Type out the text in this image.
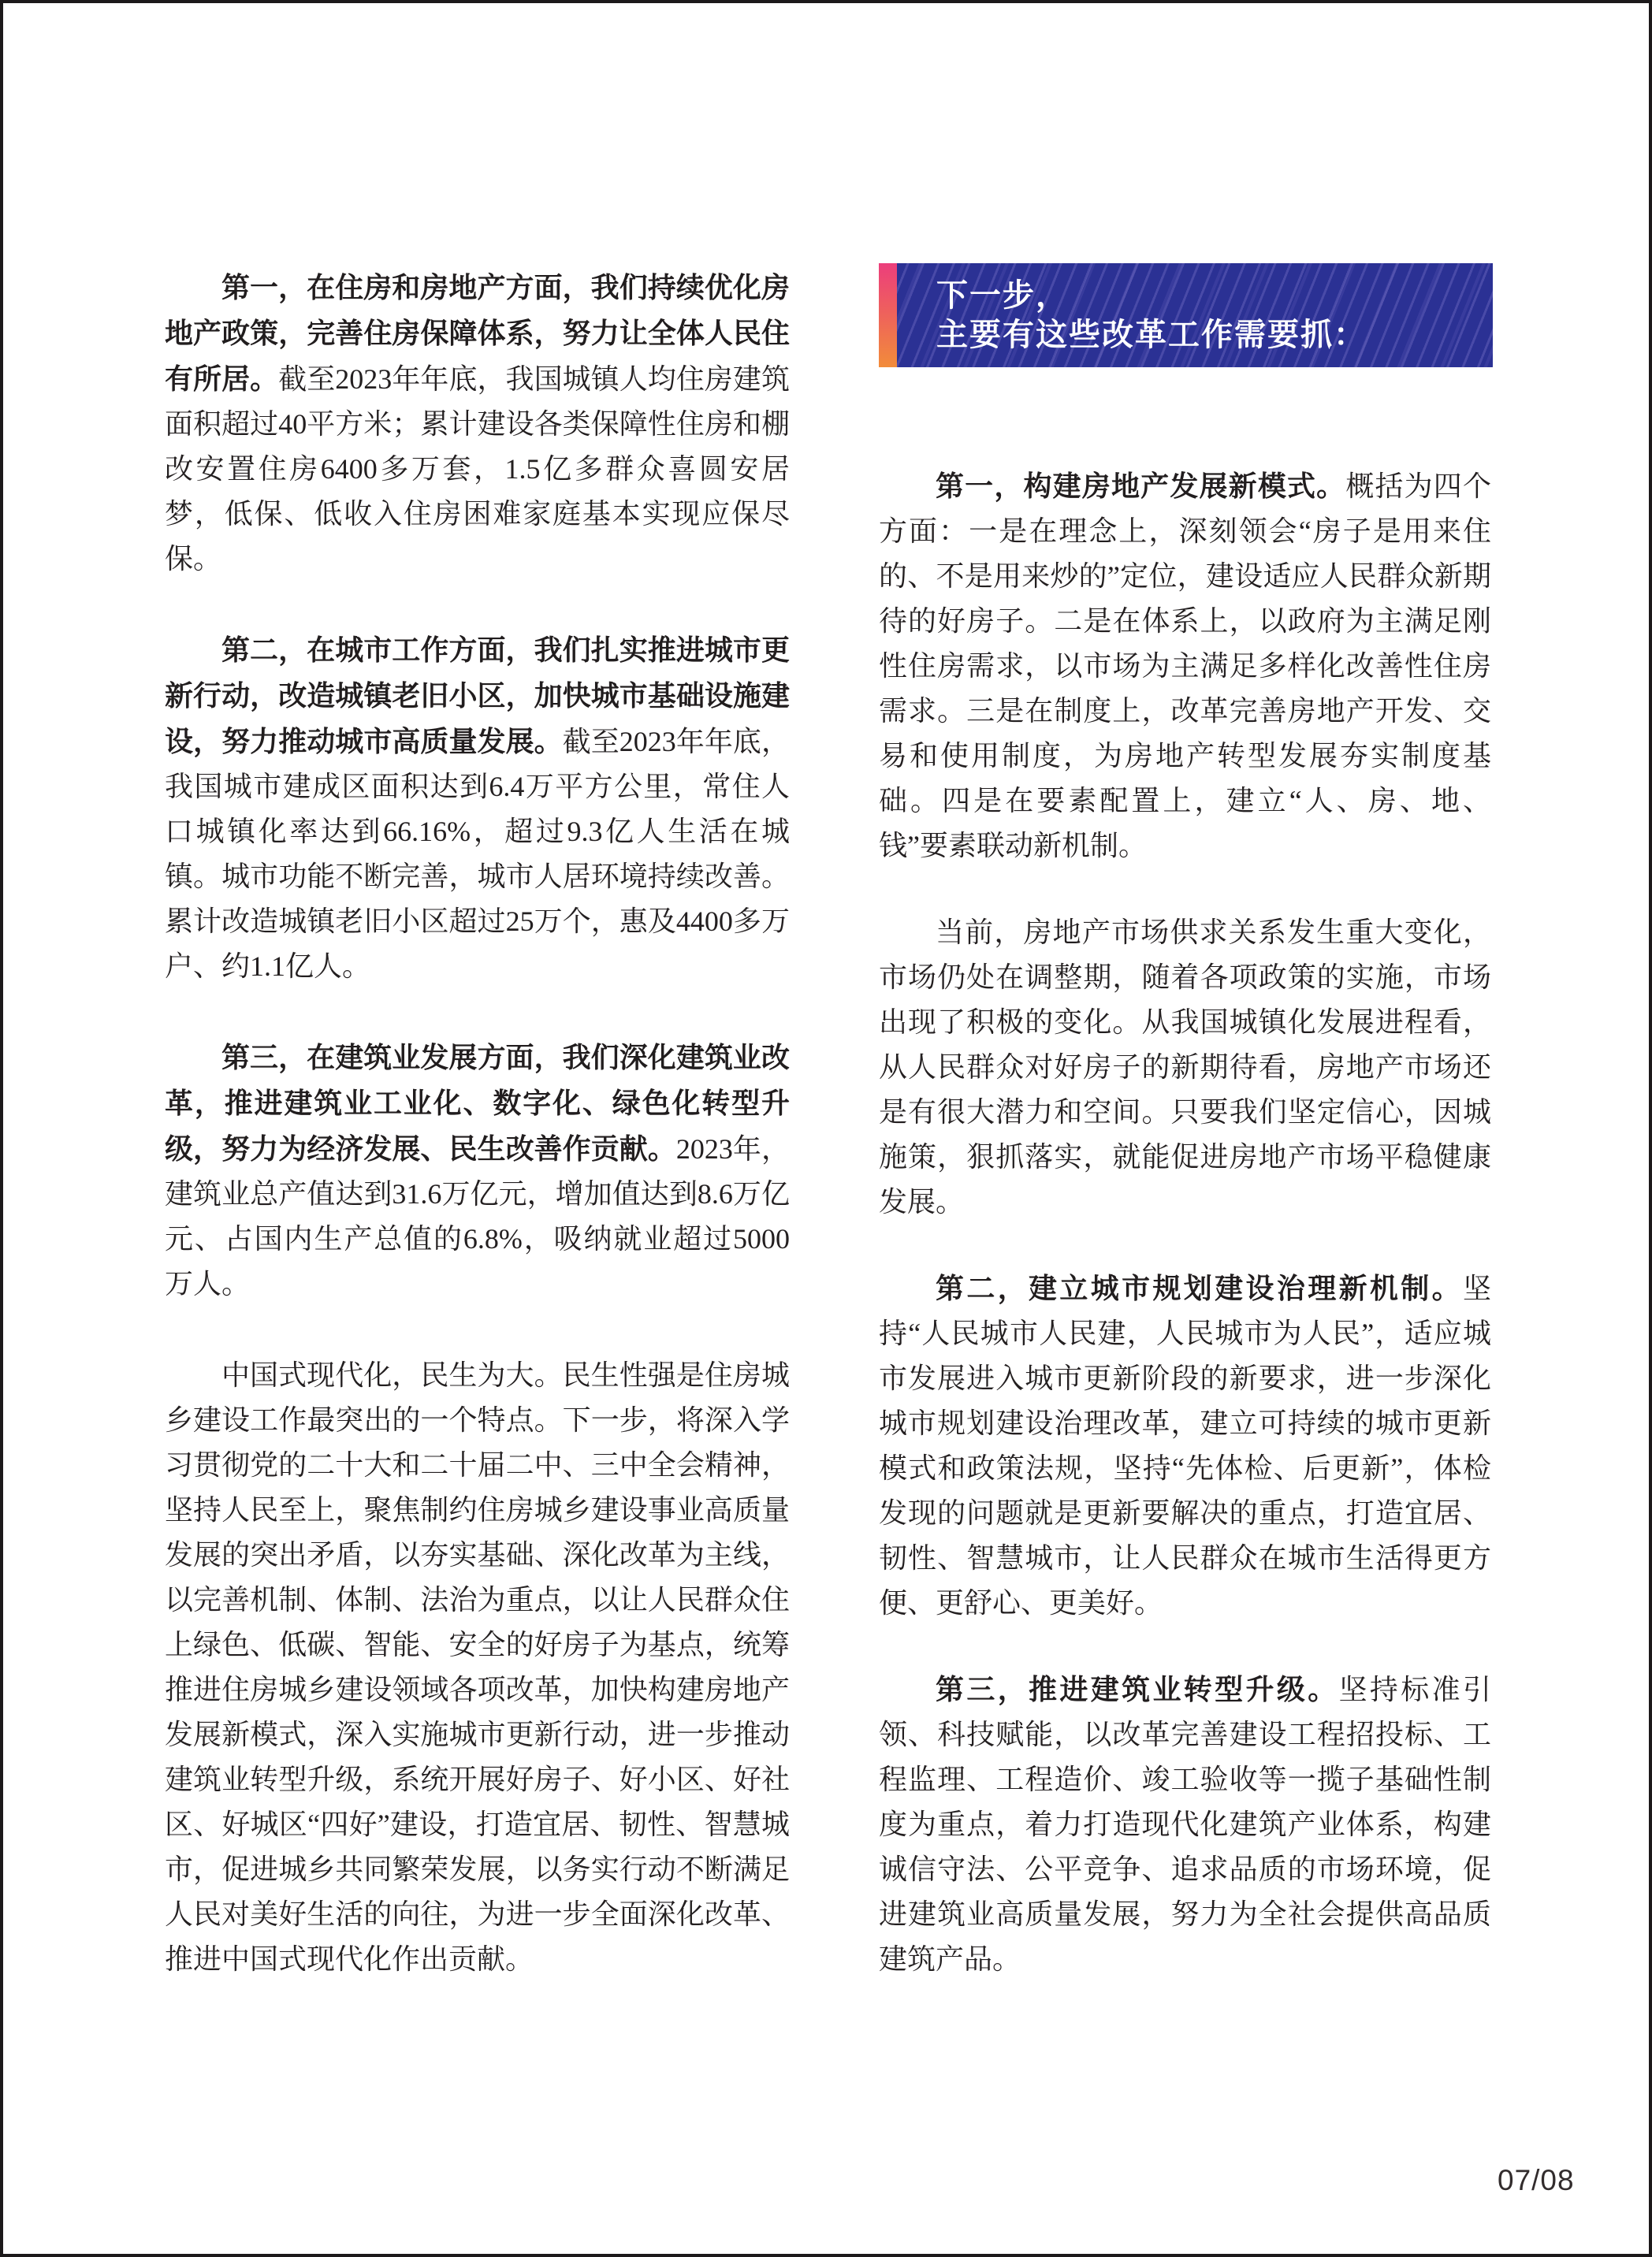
第一，在住房和房地产方面，我们持续优化房地产政策，完善住房保障体系，努力让全体人民住有所居。截至2023年年底，我国城镇人均住房建筑面积超过40平方米；累计建设各类保障性住房和棚改安置住房6400多万套，1.5亿多群众喜圆安居梦，低保、低收入住房困难家庭基本实现应保尽保。

第二，在城市工作方面，我们扎实推进城市更新行动，改造城镇老旧小区，加快城市基础设施建设，努力推动城市高质量发展。截至2023年年底，我国城市建成区面积达到6.4万平方公里，常住人口城镇化率达到66.16%，超过9.3亿人生活在城镇。城市功能不断完善，城市人居环境持续改善。累计改造城镇老旧小区超过25万个，惠及4400多万户、约1.1亿人。

第三，在建筑业发展方面，我们深化建筑业改革，推进建筑业工业化、数字化、绿色化转型升级，努力为经济发展、民生改善作贡献。2023年，建筑业总产值达到31.6万亿元，增加值达到8.6万亿元、占国内生产总值的6.8%，吸纳就业超过5000万人。

中国式现代化，民生为大。民生性强是住房城乡建设工作最突出的一个特点。下一步，将深入学习贯彻党的二十大和二十届二中、三中全会精神，坚持人民至上，聚焦制约住房城乡建设事业高质量发展的突出矛盾，以夯实基础、深化改革为主线，以完善机制、体制、法治为重点，以让人民群众住上绿色、低碳、智能、安全的好房子为基点，统筹推进住房城乡建设领域各项改革，加快构建房地产发展新模式，深入实施城市更新行动，进一步推动建筑业转型升级，系统开展好房子、好小区、好社区、好城区“四好”建设，打造宜居、韧性、智慧城市，促进城乡共同繁荣发展，以务实行动不断满足人民对美好生活的向往，为进一步全面深化改革、推进中国式现代化作出贡献。

下一步，
主要有这些改革工作需要抓：

第一，构建房地产发展新模式。概括为四个方面：一是在理念上，深刻领会“房子是用来住的、不是用来炒的”定位，建设适应人民群众新期待的好房子。二是在体系上，以政府为主满足刚性住房需求，以市场为主满足多样化改善性住房需求。三是在制度上，改革完善房地产开发、交易和使用制度，为房地产转型发展夯实制度基础。四是在要素配置上，建立“人、房、地、钱”要素联动新机制。

当前，房地产市场供求关系发生重大变化，市场仍处在调整期，随着各项政策的实施，市场出现了积极的变化。从我国城镇化发展进程看，从人民群众对好房子的新期待看，房地产市场还是有很大潜力和空间。只要我们坚定信心，因城施策，狠抓落实，就能促进房地产市场平稳健康发展。

第二，建立城市规划建设治理新机制。坚持“人民城市人民建，人民城市为人民”，适应城市发展进入城市更新阶段的新要求，进一步深化城市规划建设治理改革，建立可持续的城市更新模式和政策法规，坚持“先体检、后更新”，体检发现的问题就是更新要解决的重点，打造宜居、韧性、智慧城市，让人民群众在城市生活得更方便、更舒心、更美好。

第三，推进建筑业转型升级。坚持标准引领、科技赋能，以改革完善建设工程招投标、工程监理、工程造价、竣工验收等一揽子基础性制度为重点，着力打造现代化建筑产业体系，构建诚信守法、公平竞争、追求品质的市场环境，促进建筑业高质量发展，努力为全社会提供高品质建筑产品。

07/08
